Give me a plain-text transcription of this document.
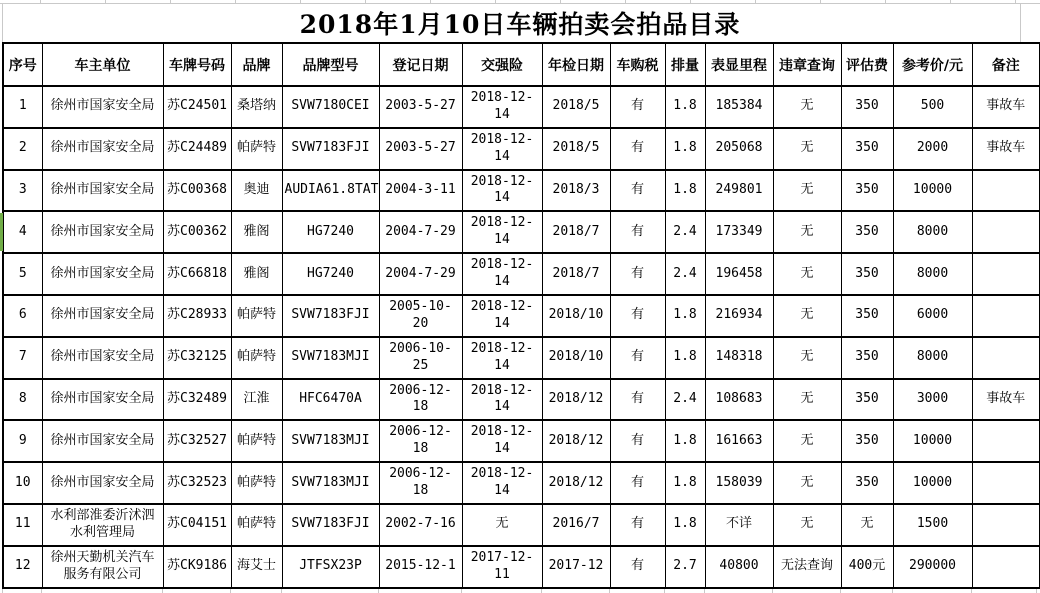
2018年1月10日车辆拍卖会拍品目录
序号	车主单位	车牌号码	品牌	品牌型号	登记日期	交强险	年检日期	车购税	排量	表显里程	违章查询	评估费	参考价/元	备注
1	徐州市国家安全局	苏C24501	桑塔纳	SVW7180CEI	2003-5-27	2018-12-14	2018/5	有	1.8	185384	无	350	500	事故车
2	徐州市国家安全局	苏C24489	帕萨特	SVW7183FJI	2003-5-27	2018-12-14	2018/5	有	1.8	205068	无	350	2000	事故车
3	徐州市国家安全局	苏C00368	奥迪	AUDIA61.8TAT	2004-3-11	2018-12-14	2018/3	有	1.8	249801	无	350	10000	
4	徐州市国家安全局	苏C00362	雅阁	HG7240	2004-7-29	2018-12-14	2018/7	有	2.4	173349	无	350	8000	
5	徐州市国家安全局	苏C66818	雅阁	HG7240	2004-7-29	2018-12-14	2018/7	有	2.4	196458	无	350	8000	
6	徐州市国家安全局	苏C28933	帕萨特	SVW7183FJI	2005-10-20	2018-12-14	2018/10	有	1.8	216934	无	350	6000	
7	徐州市国家安全局	苏C32125	帕萨特	SVW7183MJI	2006-10-25	2018-12-14	2018/10	有	1.8	148318	无	350	8000	
8	徐州市国家安全局	苏C32489	江淮	HFC6470A	2006-12-18	2018-12-14	2018/12	有	2.4	108683	无	350	3000	事故车
9	徐州市国家安全局	苏C32527	帕萨特	SVW7183MJI	2006-12-18	2018-12-14	2018/12	有	1.8	161663	无	350	10000	
10	徐州市国家安全局	苏C32523	帕萨特	SVW7183MJI	2006-12-18	2018-12-14	2018/12	有	1.8	158039	无	350	10000	
11	水利部淮委沂沭泗水利管理局	苏C04151	帕萨特	SVW7183FJI	2002-7-16	无	2016/7	有	1.8	不详	无	无	1500	
12	徐州天勤机关汽车服务有限公司	苏CK9186	海艾士	JTFSX23P	2015-12-1	2017-12-11	2017-12	有	2.7	40800	无法查询	400元	290000	
